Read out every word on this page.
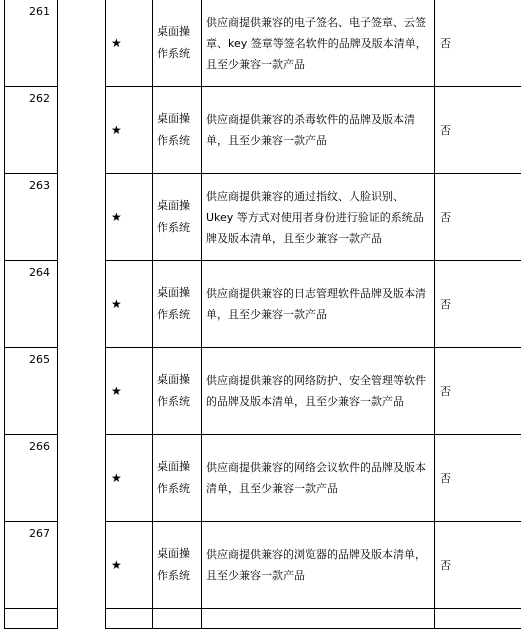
261		★	桌面操作系统	供应商提供兼容的电子签名、电子签章、云签章、key 签章等签名软件的品牌及版本清单，且至少兼容一款产品	否

262		★	桌面操作系统	供应商提供兼容的杀毒软件的品牌及版本清单，且至少兼容一款产品	否

263		★	桌面操作系统	供应商提供兼容的通过指纹、人脸识别、Ukey 等方式对使用者身份进行验证的系统品牌及版本清单，且至少兼容一款产品	否

264		★	桌面操作系统	供应商提供兼容的日志管理软件品牌及版本清单，且至少兼容一款产品	否

265		★	桌面操作系统	供应商提供兼容的网络防护、安全管理等软件的品牌及版本清单，且至少兼容一款产品	否

266		★	桌面操作系统	供应商提供兼容的网络会议软件的品牌及版本清单，且至少兼容一款产品	否

267		★	桌面操作系统	供应商提供兼容的浏览器的品牌及版本清单，且至少兼容一款产品	否
